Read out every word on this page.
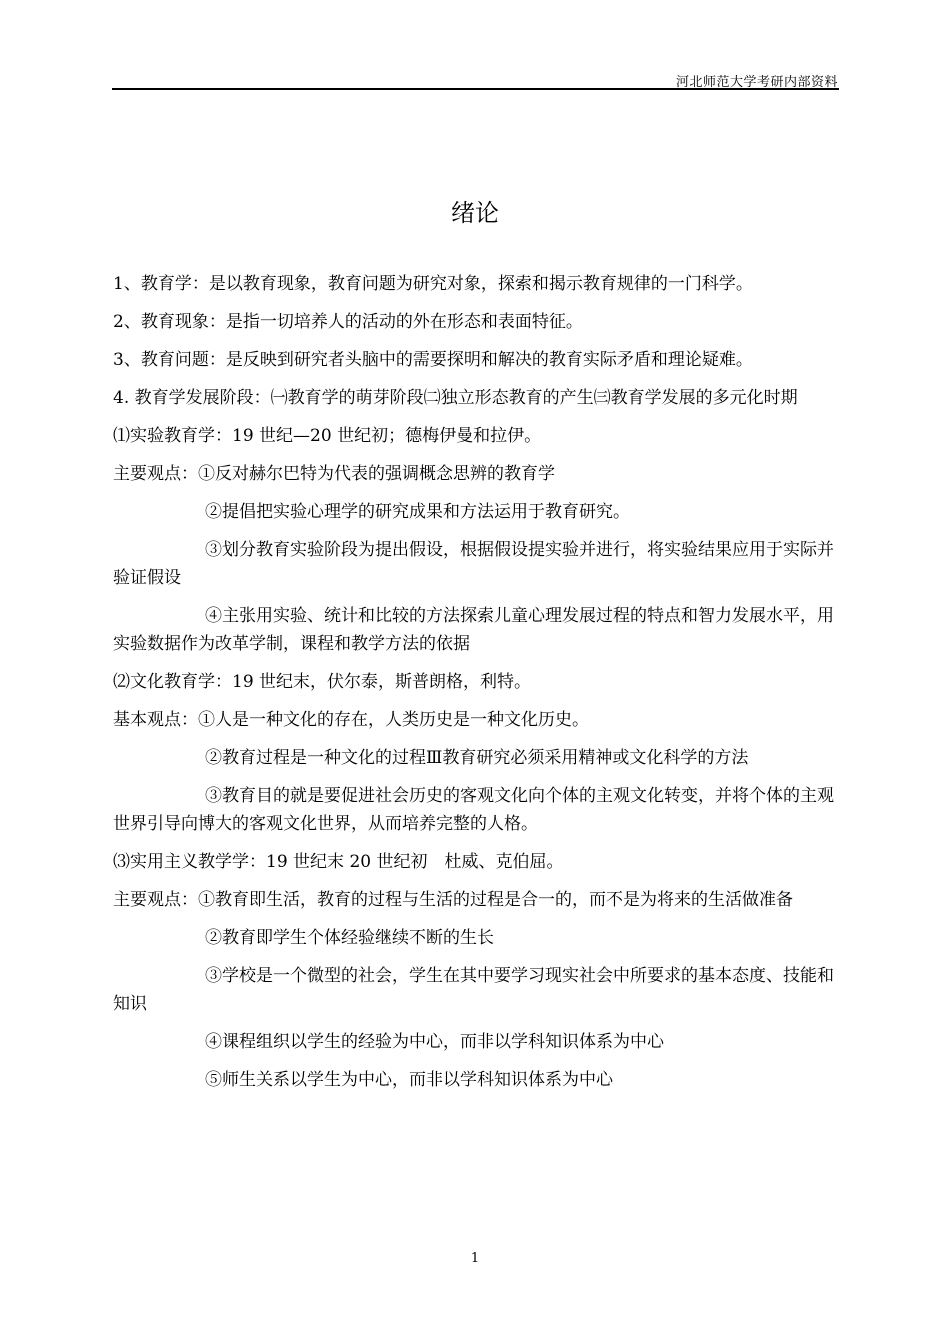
河北师范大学考研内部资料
绪论

1、教育学：是以教育现象，教育问题为研究对象，探索和揭示教育规律的一门科学。

2、教育现象：是指一切培养人的活动的外在形态和表面特征。

3、教育问题：是反映到研究者头脑中的需要探明和解决的教育实际矛盾和理论疑难。

4. 教育学发展阶段：㈠教育学的萌芽阶段㈡独立形态教育的产生㈢教育学发展的多元化时期

⑴实验教育学：19 世纪—20 世纪初；德梅伊曼和拉伊。

主要观点：①反对赫尔巴特为代表的强调概念思辨的教育学

②提倡把实验心理学的研究成果和方法运用于教育研究。

③划分教育实验阶段为提出假设，根据假设提实验并进行，将实验结果应用于实际并验证假设

④主张用实验、统计和比较的方法探索儿童心理发展过程的特点和智力发展水平，用实验数据作为改革学制，课程和教学方法的依据

⑵文化教育学：19 世纪末，伏尔泰，斯普朗格，利特。

基本观点：①人是一种文化的存在，人类历史是一种文化历史。

②教育过程是一种文化的过程Ⅲ教育研究必须采用精神或文化科学的方法

③教育目的就是要促进社会历史的客观文化向个体的主观文化转变，并将个体的主观世界引导向博大的客观文化世界，从而培养完整的人格。

⑶实用主义教学学：19 世纪末 20 世纪初　杜威、克伯屈。

主要观点：①教育即生活，教育的过程与生活的过程是合一的，而不是为将来的生活做准备

②教育即学生个体经验继续不断的生长

③学校是一个微型的社会，学生在其中要学习现实社会中所要求的基本态度、技能和知识

④课程组织以学生的经验为中心，而非以学科知识体系为中心

⑤师生关系以学生为中心，而非以学科知识体系为中心

1
